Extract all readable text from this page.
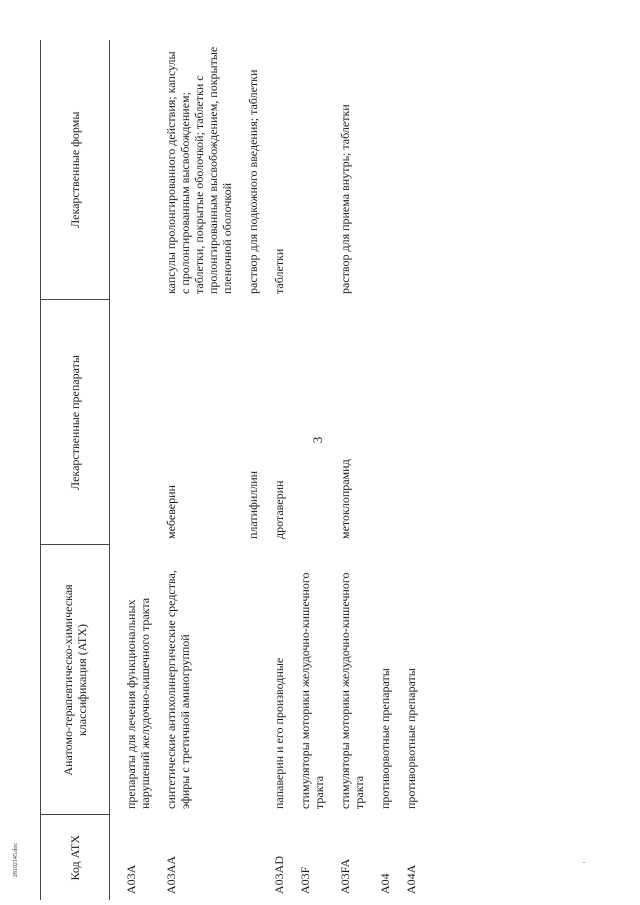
3
28102145.doc	Код ATX	Анатомо-терапевтическо-химическая классификация (ATX)	Лекарственные препараты	Лекарственные формы
A03A	препараты для лечения функциональных нарушений желудочно-кишечного тракта		
A03AA	синтетические антихолинергические средства, эфиры с третичной аминогруппой	мебеверин	капсулы пролонгированного действия; капсулы с пролонгированным высвобождением; таблетки, покрытые оболочкой; таблетки с пролонгированным высвобождением, покрытые пленочной оболочкой
		платифиллин	раствор для подкожного введения; таблетки
A03AD	папаверин и его производные	дротаверин	таблетки
A03F	стимуляторы моторики желудочно-кишечного тракта		
A03FA	стимуляторы моторики желудочно-кишечного тракта	метоклопрамид	раствор для приема внутрь; таблетки
A04	противорвотные препараты		
A04A	противорвотные препараты		
